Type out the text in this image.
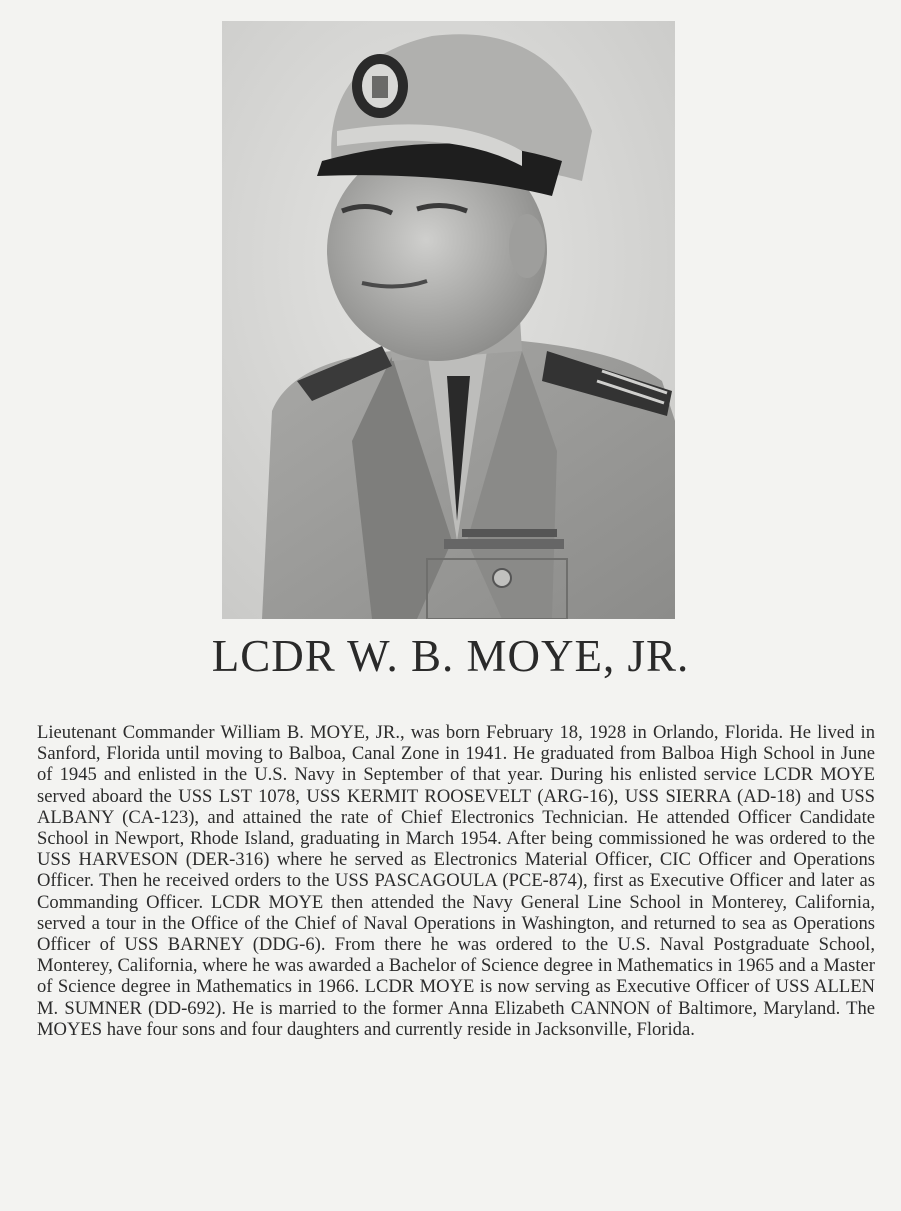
LCDR W. B. MOYE, JR.

Lieutenant Commander William B. MOYE, JR., was born February 18, 1928 in Orlando, Florida. He lived in Sanford, Florida until moving to Balboa, Canal Zone in 1941. He graduated from Balboa High School in June of 1945 and enlisted in the U.S. Navy in September of that year. During his enlisted service LCDR MOYE served aboard the USS LST 1078, USS KERMIT ROOSEVELT (ARG-16), USS SIERRA (AD-18) and USS ALBANY (CA-123), and attained the rate of Chief Electronics Technician. He attended Officer Candidate School in Newport, Rhode Island, graduating in March 1954. After being commissioned he was ordered to the USS HARVESON (DER-316) where he served as Electronics Material Officer, CIC Officer and Operations Officer. Then he received orders to the USS PASCAGOULA (PCE-874), first as Executive Officer and later as Commanding Officer. LCDR MOYE then attended the Navy General Line School in Monterey, California, served a tour in the Office of the Chief of Naval Operations in Washington, and returned to sea as Operations Officer of USS BARNEY (DDG-6). From there he was ordered to the U.S. Naval Postgraduate School, Monterey, California, where he was awarded a Bachelor of Science degree in Mathematics in 1965 and a Master of Science degree in Mathematics in 1966. LCDR MOYE is now serving as Executive Officer of USS ALLEN M. SUMNER (DD-692). He is married to the former Anna Elizabeth CANNON of Baltimore, Maryland. The MOYES have four sons and four daughters and currently reside in Jacksonville, Florida.
